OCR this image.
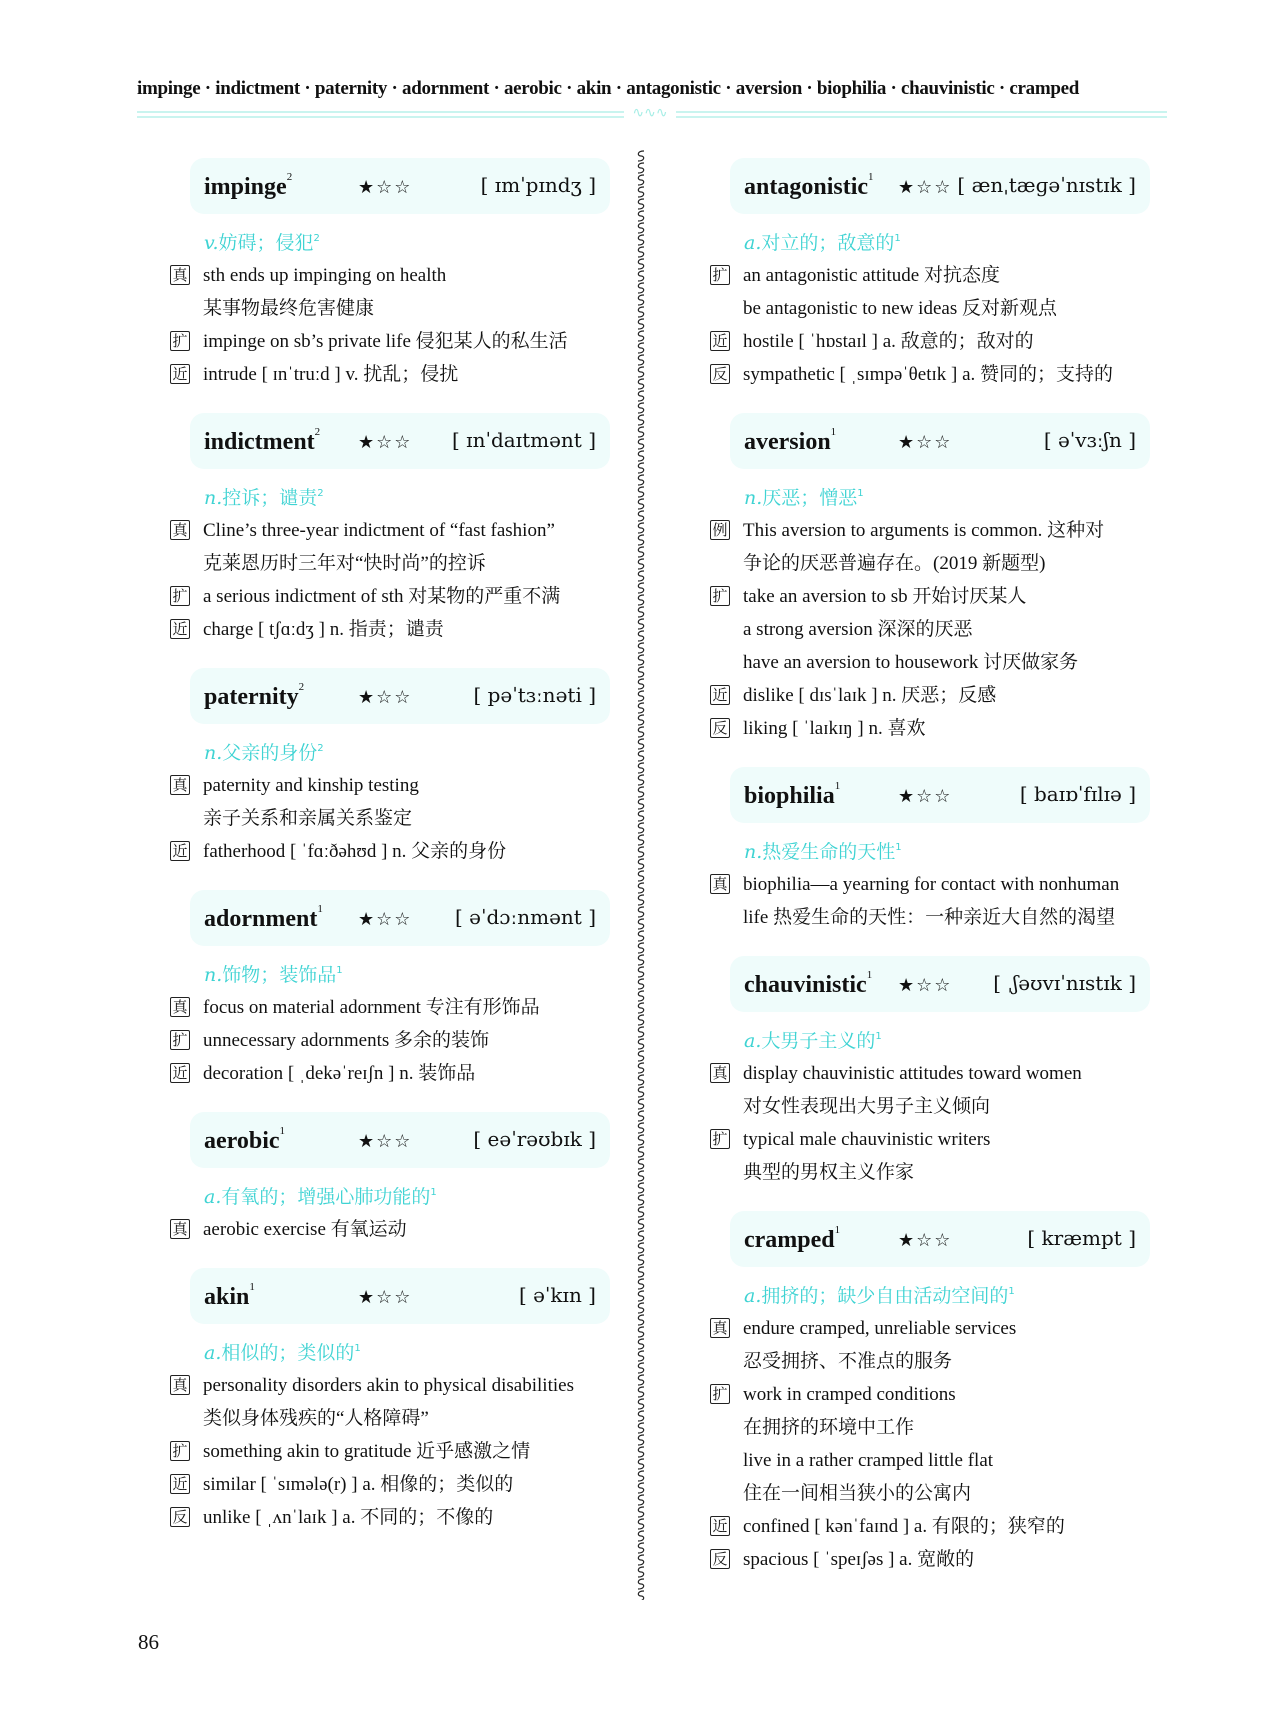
impinge · indictment · paternity · adornment · aerobic · akin · antagonistic · aversion · biophilia · chauvinistic · cramped
∿∿∿
impinge$^2$	★☆☆	[ ɪmˈpɪndʒ ]
v.妨碍；侵犯$^2$
真 sth ends up impinging on health
某事物最终危害健康
扩 impinge on sb’s private life 侵犯某人的私生活
近 intrude [ ɪnˈtruːd ] v. 扰乱；侵扰
indictment$^2$ ★☆☆ [ ɪnˈdaɪtmənt ]
n.控诉；谴责$^2$
真 Cline’s three-year indictment of “fast fashion”
克莱恩历时三年对“快时尚”的控诉
扩 a serious indictment of sth 对某物的严重不满
近 charge [ tʃɑːdʒ ] n. 指责；谴责
paternity$^2$	★☆☆	[ pəˈtɜːnəti ]
n.父亲的身份$^2$
真 paternity and kinship testing
亲子关系和亲属关系鉴定
近 fatherhood [ ˈfɑːðəhʊd ] n. 父亲的身份
adornment$^1$ ★☆☆ [ əˈdɔːnmənt ]
n.饰物；装饰品$^1$
真 focus on material adornment 专注有形饰品
扩 unnecessary adornments 多余的装饰
近 decoration [ ˌdekəˈreɪʃn ] n. 装饰品
aerobic$^1$	★☆☆	[ eəˈrəʊbɪk ]
a.有氧的；增强心肺功能的$^1$
真 aerobic exercise 有氧运动
akin$^1$	★☆☆	[ əˈkɪn ]
a.相似的；类似的$^1$
真 personality disorders akin to physical disabilities
类似身体残疾的“人格障碍”
扩 something akin to gratitude 近乎感激之情
近 similar [ ˈsɪmələ(r) ] a. 相像的；类似的
反 unlike [ ˌʌnˈlaɪk ] a. 不同的；不像的
antagonistic$^1$ ★☆☆ [ ænˌtæɡəˈnɪstɪk ]
a.对立的；敌意的$^1$
扩 an antagonistic attitude 对抗态度
be antagonistic to new ideas 反对新观点
近 hostile [ ˈhɒstaɪl ] a. 敌意的；敌对的
反 sympathetic [ ˌsɪmpəˈθetɪk ] a. 赞同的；支持的
aversion$^1$	★☆☆	[ əˈvɜːʃn ]
n.厌恶；憎恶$^1$
例 This aversion to arguments is common. 这种对
争论的厌恶普遍存在。(2019 新题型)
扩 take an aversion to sb 开始讨厌某人
a strong aversion 深深的厌恶
have an aversion to housework 讨厌做家务
近 dislike [ dɪsˈlaɪk ] n. 厌恶；反感
反 liking [ ˈlaɪkɪŋ ] n. 喜欢
biophilia$^1$	★☆☆	[ baɪɒˈfɪlɪə ]
n.热爱生命的天性$^1$
真 biophilia—a yearning for contact with nonhuman
life 热爱生命的天性：一种亲近大自然的渴望
chauvinistic$^1$ ★☆☆ [ ˌʃəʊvɪˈnɪstɪk ]
a.大男子主义的$^1$
真 display chauvinistic attitudes toward women
对女性表现出大男子主义倾向
扩 typical male chauvinistic writers
典型的男权主义作家
cramped$^1$	★☆☆	[ kræmpt ]
a.拥挤的；缺少自由活动空间的$^1$
真 endure cramped, unreliable services
忍受拥挤、不准点的服务
扩 work in cramped conditions
在拥挤的环境中工作
live in a rather cramped little flat
住在一间相当狭小的公寓内
近 confined [ kənˈfaɪnd ] a. 有限的；狭窄的
反 spacious [ ˈspeɪʃəs ] a. 宽敞的
86
